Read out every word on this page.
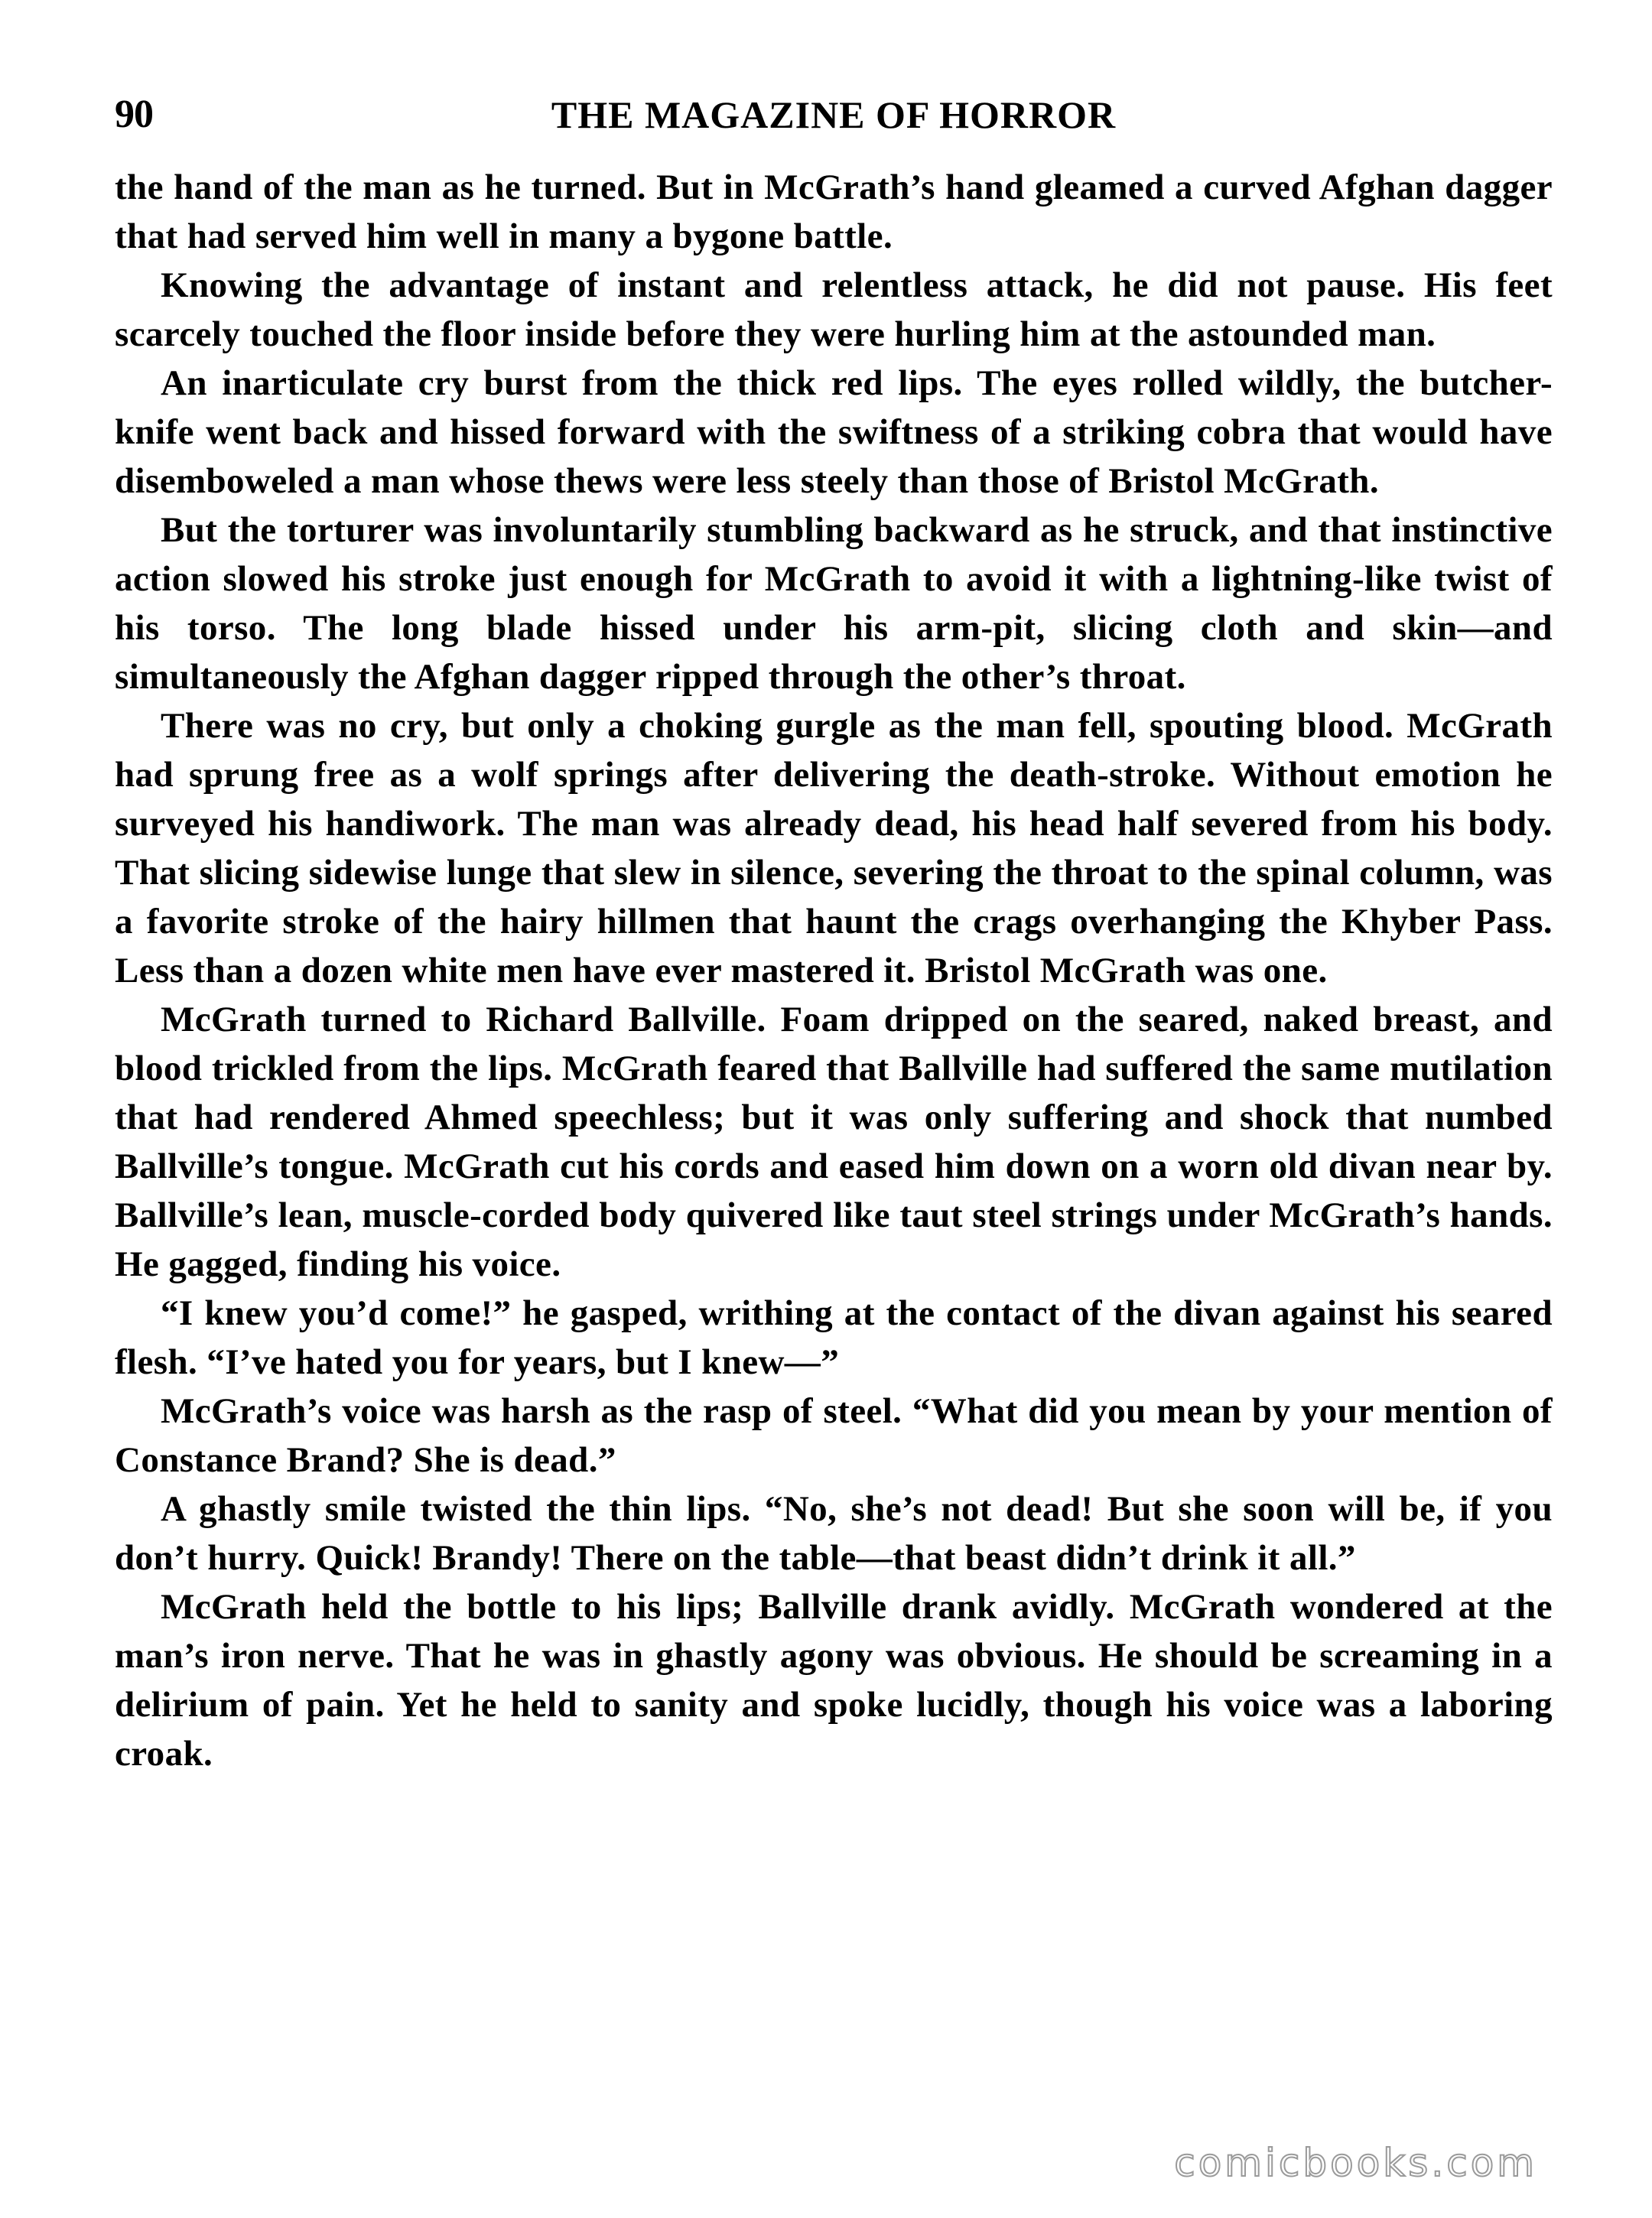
90	THE MAGAZINE OF HORROR

the hand of the man as he turned. But in McGrath’s hand gleamed a curved Afghan dagger that had served him well in many a bygone battle.

Knowing the advantage of instant and relentless attack, he did not pause. His feet scarcely touched the floor inside before they were hurling him at the astounded man.

An inarticulate cry burst from the thick red lips. The eyes rolled wildly, the butcher-knife went back and hissed forward with the swiftness of a striking cobra that would have disemboweled a man whose thews were less steely than those of Bristol McGrath.

But the torturer was involuntarily stumbling backward as he struck, and that instinctive action slowed his stroke just enough for McGrath to avoid it with a lightning-like twist of his torso. The long blade hissed under his arm-pit, slicing cloth and skin—and simultaneously the Afghan dagger ripped through the other’s throat.

There was no cry, but only a choking gurgle as the man fell, spouting blood. McGrath had sprung free as a wolf springs after delivering the death-stroke. Without emotion he surveyed his handiwork. The man was already dead, his head half severed from his body. That slicing sidewise lunge that slew in silence, severing the throat to the spinal column, was a favorite stroke of the hairy hillmen that haunt the crags overhanging the Khyber Pass. Less than a dozen white men have ever mastered it. Bristol McGrath was one.

McGrath turned to Richard Ballville. Foam dripped on the seared, naked breast, and blood trickled from the lips. McGrath feared that Ballville had suffered the same mutilation that had rendered Ahmed speechless; but it was only suffering and shock that numbed Ballville’s tongue. McGrath cut his cords and eased him down on a worn old divan near by. Ballville’s lean, muscle-corded body quivered like taut steel strings under McGrath’s hands. He gagged, finding his voice.

“I knew you’d come!” he gasped, writhing at the contact of the divan against his seared flesh. “I’ve hated you for years, but I knew—”

McGrath’s voice was harsh as the rasp of steel. “What did you mean by your mention of Constance Brand? She is dead.”

A ghastly smile twisted the thin lips. “No, she’s not dead! But she soon will be, if you don’t hurry. Quick! Brandy! There on the table—that beast didn’t drink it all.”

McGrath held the bottle to his lips; Ballville drank avidly. McGrath wondered at the man’s iron nerve. That he was in ghastly agony was obvious. He should be screaming in a delirium of pain. Yet he held to sanity and spoke lucidly, though his voice was a laboring croak.

comicbooks.com
